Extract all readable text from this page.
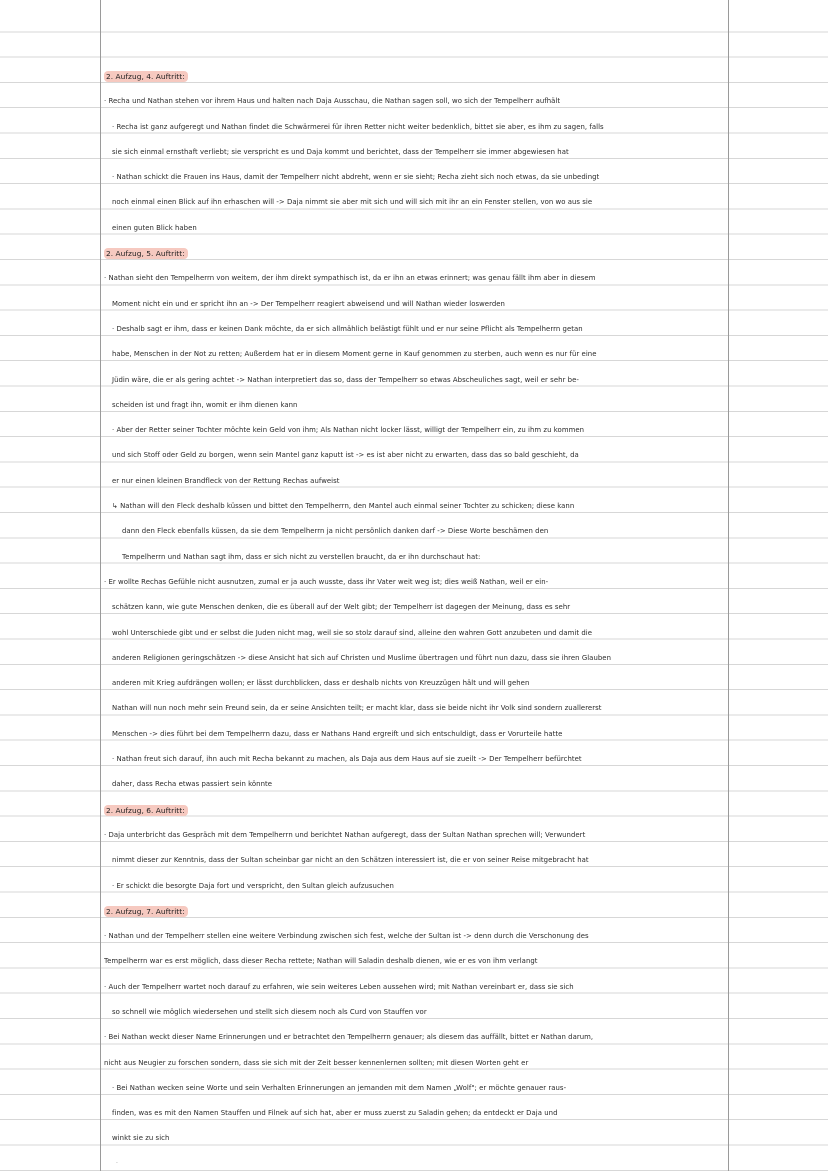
2. Aufzug, 4. Auftritt:
· Recha und Nathan stehen vor ihrem Haus und halten nach Daja Ausschau, die Nathan sagen soll, wo sich der Tempelherr aufhält
· Recha ist ganz aufgeregt und Nathan findet die Schwärmerei für ihren Retter nicht weiter bedenklich, bittet sie aber, es ihm zu sagen, falls
sie sich einmal ernsthaft verliebt; sie verspricht es und Daja kommt und berichtet, dass der Tempelherr sie immer abgewiesen hat
· Nathan schickt die Frauen ins Haus, damit der Tempelherr nicht abdreht, wenn er sie sieht; Recha zieht sich noch etwas, da sie unbedingt
noch einmal einen Blick auf ihn erhaschen will -> Daja nimmt sie aber mit sich und will sich mit ihr an ein Fenster stellen, von wo aus sie
einen guten Blick haben
2. Aufzug, 5. Auftritt:
· Nathan sieht den Tempelherrn von weitem, der ihm direkt sympathisch ist, da er ihn an etwas erinnert; was genau fällt ihm aber in diesem
Moment nicht ein und er spricht ihn an -> Der Tempelherr reagiert abweisend und will Nathan wieder loswerden
· Deshalb sagt er ihm, dass er keinen Dank möchte, da er sich allmählich belästigt fühlt und er nur seine Pflicht als Tempelherrn getan
habe, Menschen in der Not zu retten; Außerdem hat er in diesem Moment gerne in Kauf genommen zu sterben, auch wenn es nur für eine
Jüdin wäre, die er als gering achtet -> Nathan interpretiert das so, dass der Tempelherr so etwas Abscheuliches sagt, weil er sehr be-
scheiden ist und fragt ihn, womit er ihm dienen kann
· Aber der Retter seiner Tochter möchte kein Geld von ihm; Als Nathan nicht locker lässt, willigt der Tempelherr ein, zu ihm zu kommen
und sich Stoff oder Geld zu borgen, wenn sein Mantel ganz kaputt ist -> es ist aber nicht zu erwarten, dass das so bald geschieht, da
er nur einen kleinen Brandfleck von der Rettung Rechas aufweist
↳ Nathan will den Fleck deshalb küssen und bittet den Tempelherrn, den Mantel auch einmal seiner Tochter zu schicken; diese kann
dann den Fleck ebenfalls küssen, da sie dem Tempelherrn ja nicht persönlich danken darf -> Diese Worte beschämen den
Tempelherrn und Nathan sagt ihm, dass er sich nicht zu verstellen braucht, da er ihn durchschaut hat:
· Er wollte Rechas Gefühle nicht ausnutzen, zumal er ja auch wusste, dass ihr Vater weit weg ist; dies weiß Nathan, weil er ein-
schätzen kann, wie gute Menschen denken, die es überall auf der Welt gibt; der Tempelherr ist dagegen der Meinung, dass es sehr
wohl Unterschiede gibt und er selbst die Juden nicht mag, weil sie so stolz darauf sind, alleine den wahren Gott anzubeten und damit die
anderen Religionen geringschätzen -> diese Ansicht hat sich auf Christen und Muslime übertragen und führt nun dazu, dass sie ihren Glauben
anderen mit Krieg aufdrängen wollen; er lässt durchblicken, dass er deshalb nichts von Kreuzzügen hält und will gehen
Nathan will nun noch mehr sein Freund sein, da er seine Ansichten teilt; er macht klar, dass sie beide nicht ihr Volk sind sondern zuallererst
Menschen -> dies führt bei dem Tempelherrn dazu, dass er Nathans Hand ergreift und sich entschuldigt, dass er Vorurteile hatte
· Nathan freut sich darauf, ihn auch mit Recha bekannt zu machen, als Daja aus dem Haus auf sie zueilt -> Der Tempelherr befürchtet
daher, dass Recha etwas passiert sein könnte
2. Aufzug, 6. Auftritt:
· Daja unterbricht das Gespräch mit dem Tempelherrn und berichtet Nathan aufgeregt, dass der Sultan Nathan sprechen will; Verwundert
nimmt dieser zur Kenntnis, dass der Sultan scheinbar gar nicht an den Schätzen interessiert ist, die er von seiner Reise mitgebracht hat
· Er schickt die besorgte Daja fort und verspricht, den Sultan gleich aufzusuchen
2. Aufzug, 7. Auftritt:
· Nathan und der Tempelherr stellen eine weitere Verbindung zwischen sich fest, welche der Sultan ist -> denn durch die Verschonung des
Tempelherrn war es erst möglich, dass dieser Recha rettete; Nathan will Saladin deshalb dienen, wie er es von ihm verlangt
· Auch der Tempelherr wartet noch darauf zu erfahren, wie sein weiteres Leben aussehen wird; mit Nathan vereinbart er, dass sie sich
so schnell wie möglich wiedersehen und stellt sich diesem noch als Curd von Stauffen vor
· Bei Nathan weckt dieser Name Erinnerungen und er betrachtet den Tempelherrn genauer; als diesem das auffällt, bittet er Nathan darum,
nicht aus Neugier zu forschen sondern, dass sie sich mit der Zeit besser kennenlernen sollten; mit diesen Worten geht er
· Bei Nathan wecken seine Worte und sein Verhalten Erinnerungen an jemanden mit dem Namen „Wolf"; er möchte genauer raus-
finden, was es mit den Namen Stauffen und Filnek auf sich hat, aber er muss zuerst zu Saladin gehen; da entdeckt er Daja und
winkt sie zu sich
·
